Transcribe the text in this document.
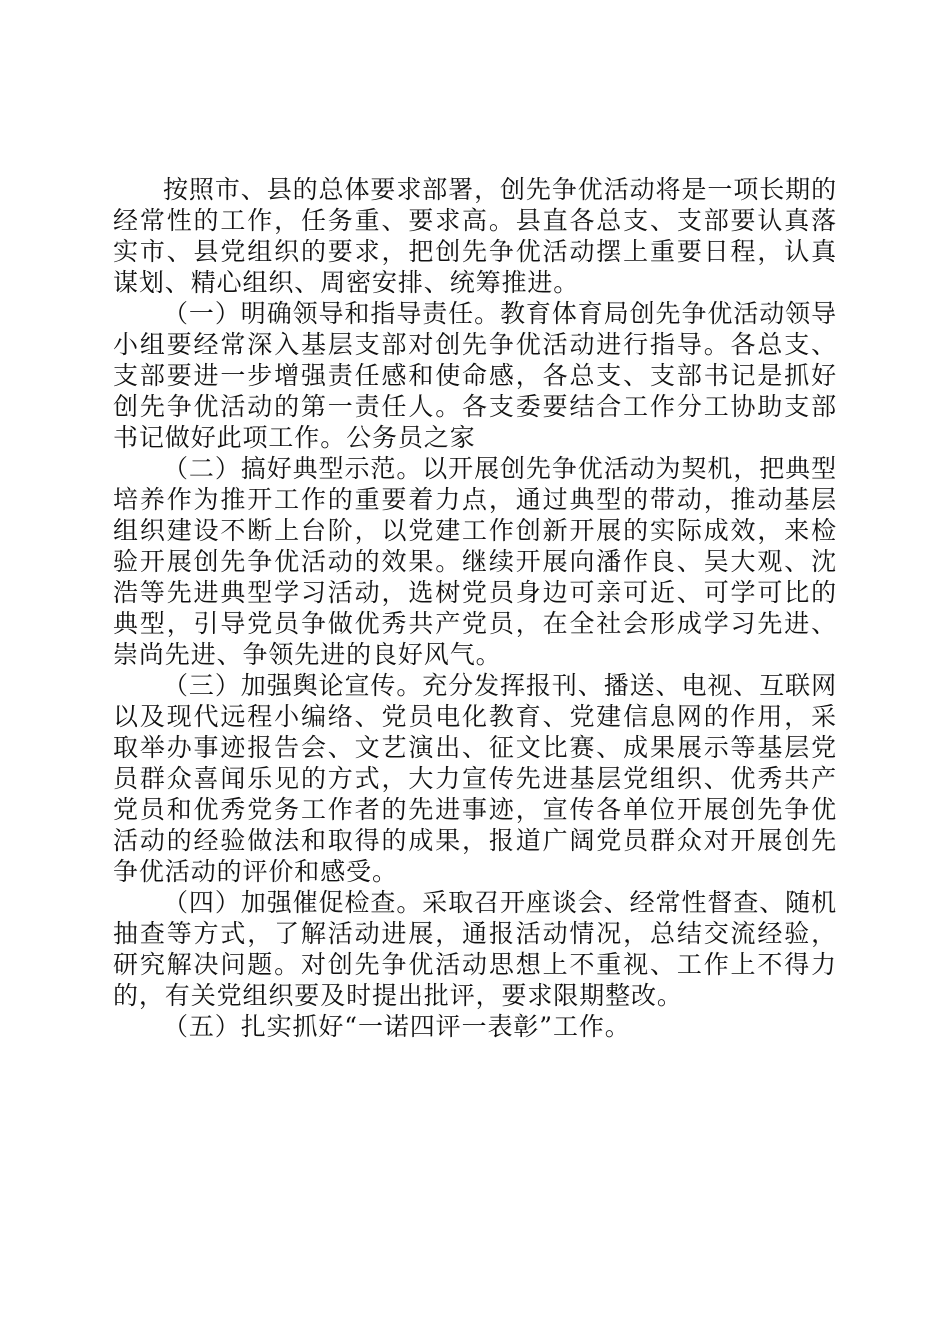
按照市、县的总体要求部署，创先争优活动将是一项长期的经常性的工作，任务重、要求高。县直各总支、支部要认真落实市、县党组织的要求，把创先争优活动摆上重要日程，认真谋划、精心组织、周密安排、统筹推进。

（一）明确领导和指导责任。教育体育局创先争优活动领导小组要经常深入基层支部对创先争优活动进行指导。各总支、支部要进一步增强责任感和使命感，各总支、支部书记是抓好创先争优活动的第一责任人。各支委要结合工作分工协助支部书记做好此项工作。公务员之家

（二）搞好典型示范。以开展创先争优活动为契机，把典型培养作为推开工作的重要着力点，通过典型的带动，推动基层组织建设不断上台阶，以党建工作创新开展的实际成效，来检验开展创先争优活动的效果。继续开展向潘作良、吴大观、沈浩等先进典型学习活动，选树党员身边可亲可近、可学可比的典型，引导党员争做优秀共产党员，在全社会形成学习先进、崇尚先进、争领先进的良好风气。

（三）加强舆论宣传。充分发挥报刊、播送、电视、互联网以及现代远程小编络、党员电化教育、党建信息网的作用，采取举办事迹报告会、文艺演出、征文比赛、成果展示等基层党员群众喜闻乐见的方式，大力宣传先进基层党组织、优秀共产党员和优秀党务工作者的先进事迹，宣传各单位开展创先争优活动的经验做法和取得的成果，报道广阔党员群众对开展创先争优活动的评价和感受。

（四）加强催促检查。采取召开座谈会、经常性督查、随机抽查等方式，了解活动进展，通报活动情况，总结交流经验，研究解决问题。对创先争优活动思想上不重视、工作上不得力的，有关党组织要及时提出批评，要求限期整改。

（五）扎实抓好“一诺四评一表彰”工作。
